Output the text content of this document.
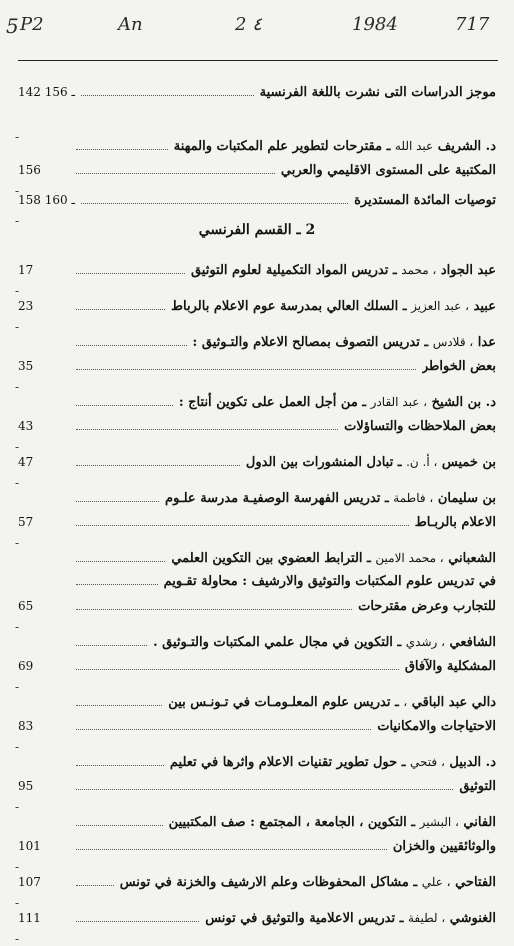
5 P2	An	2 ٤	1984	717
موجز الدراسات التى نشرت باللغة الفرنسية
142 ـ 156
-
د. الشريف عبد الله ـ مقترحات لتطوير علم المكتبات والمهنة
المكتبية على المستوى الاقليمي والعربي
156
-
توصيات المائدة المستديرة
158 ـ 160
-
2 ـ القسم الفرنسي
عبد الجواد ، محمد ـ تدريس المواد التكميلية لعلوم التوثيق
17
-
عبيد ، عبد العزيز ـ السلك العالي بمدرسة عوم الاعلام بالرباط
23
-
عدا ، قلادس ـ تدريس التصوف بمصالح الاعلام والتـوثيق :
بعض الخواطر
35
-
د. بن الشيخ ، عبد القادر ـ من أجل العمل على تكوين أنتاج :
بعض الملاحظات والتساؤلات
43
-
بن خميس ، أ. ن. ـ تبادل المنشورات بين الدول
47
-
بن سليمان ، فاطمة ـ تدريس الفهرسة الوصفيـة مدرسة علـوم
الاعلام بالربـاط
57
-
الشعباني ، محمد الامين ـ الترابط العضوي بين التكوين العلمي
في تدريس علوم المكتبات والتوثيق والارشيف : محاولة تقـويم
للتجارب وعرض مقترحات
65
-
الشافعي ، رشدي ـ التكوين في مجال علمي المكتبات والتـوثيق .
المشكلية والآفاق
69
-
دالي عبد الباقي ، ـ تدريس علوم المعلـومـات في تـونـس بين
الاحتياجات والامكانيات
83
-
د. الدبيل ، فتحي ـ حول تطوير تقنيات الاعلام واثرها في تعليم
التوثيق
95
-
الفاني ، البشير ـ التكوين ، الجامعة ، المجتمع : صف المكتبيين
والوثائقيين والخزان
101
-
الفتاحي ، علي ـ مشاكل المحفوظات وعلم الارشيف والخزنة في تونس
107
-
الغنوشي ، لطيفة ـ تدريس الاعلامية والتوثيق في تونس
111
-
